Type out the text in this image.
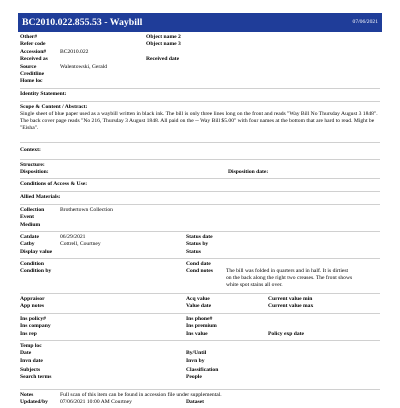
BC2010.022.855.53 - Waybill	07/06/2021
Other#	Object name 2
Refer code	Object name 3
Accession#	BC2010.022
Received as	Received date
Source	Walentowski, Gerald
Creditline
Home loc
Identity Statement:
Scope & Content / Abstract:
Single sheet of blue paper used as a waybill written in black ink. The bill is only three lines long on the front and reads "Way Bill No Thursday August 3 1848". The back cover page reads "No 216, Thursday 3 August 1848. All paid on the -- Way Bill $5.00" with four names at the bottom that are hard to read. Might be "Eisha".
Context:
Structure:
Disposition:	Disposition date:
Conditions of Access & Use:
Allied Materials:
Collection	Brothertown Collection
Event
Medium
Catdate	06/29/2021	Status date
Catby	Cottrell, Courtney	Status by
Display value	Status
Condition	Cond date
Condition by	Cond notes	The bill was folded in quarters and in half. It is dirtiest on the back along the right two creases. The front shows white spot stains all over.
Appraisor	Acq value	Current value min
App notes	Value date	Current value max
Ins policy#	Ins phone#
Ins company	Ins premium
Ins rep	Ins value	Policy exp date
Temp loc
Date	By/Until
Invn date	Invn by
Subjects	Classification
Search terms	People
Notes	Full scan of this item can be found in accession file under supplemental.
Updated/by	07/06/2021 10:00 AM Courtney	Dataset
